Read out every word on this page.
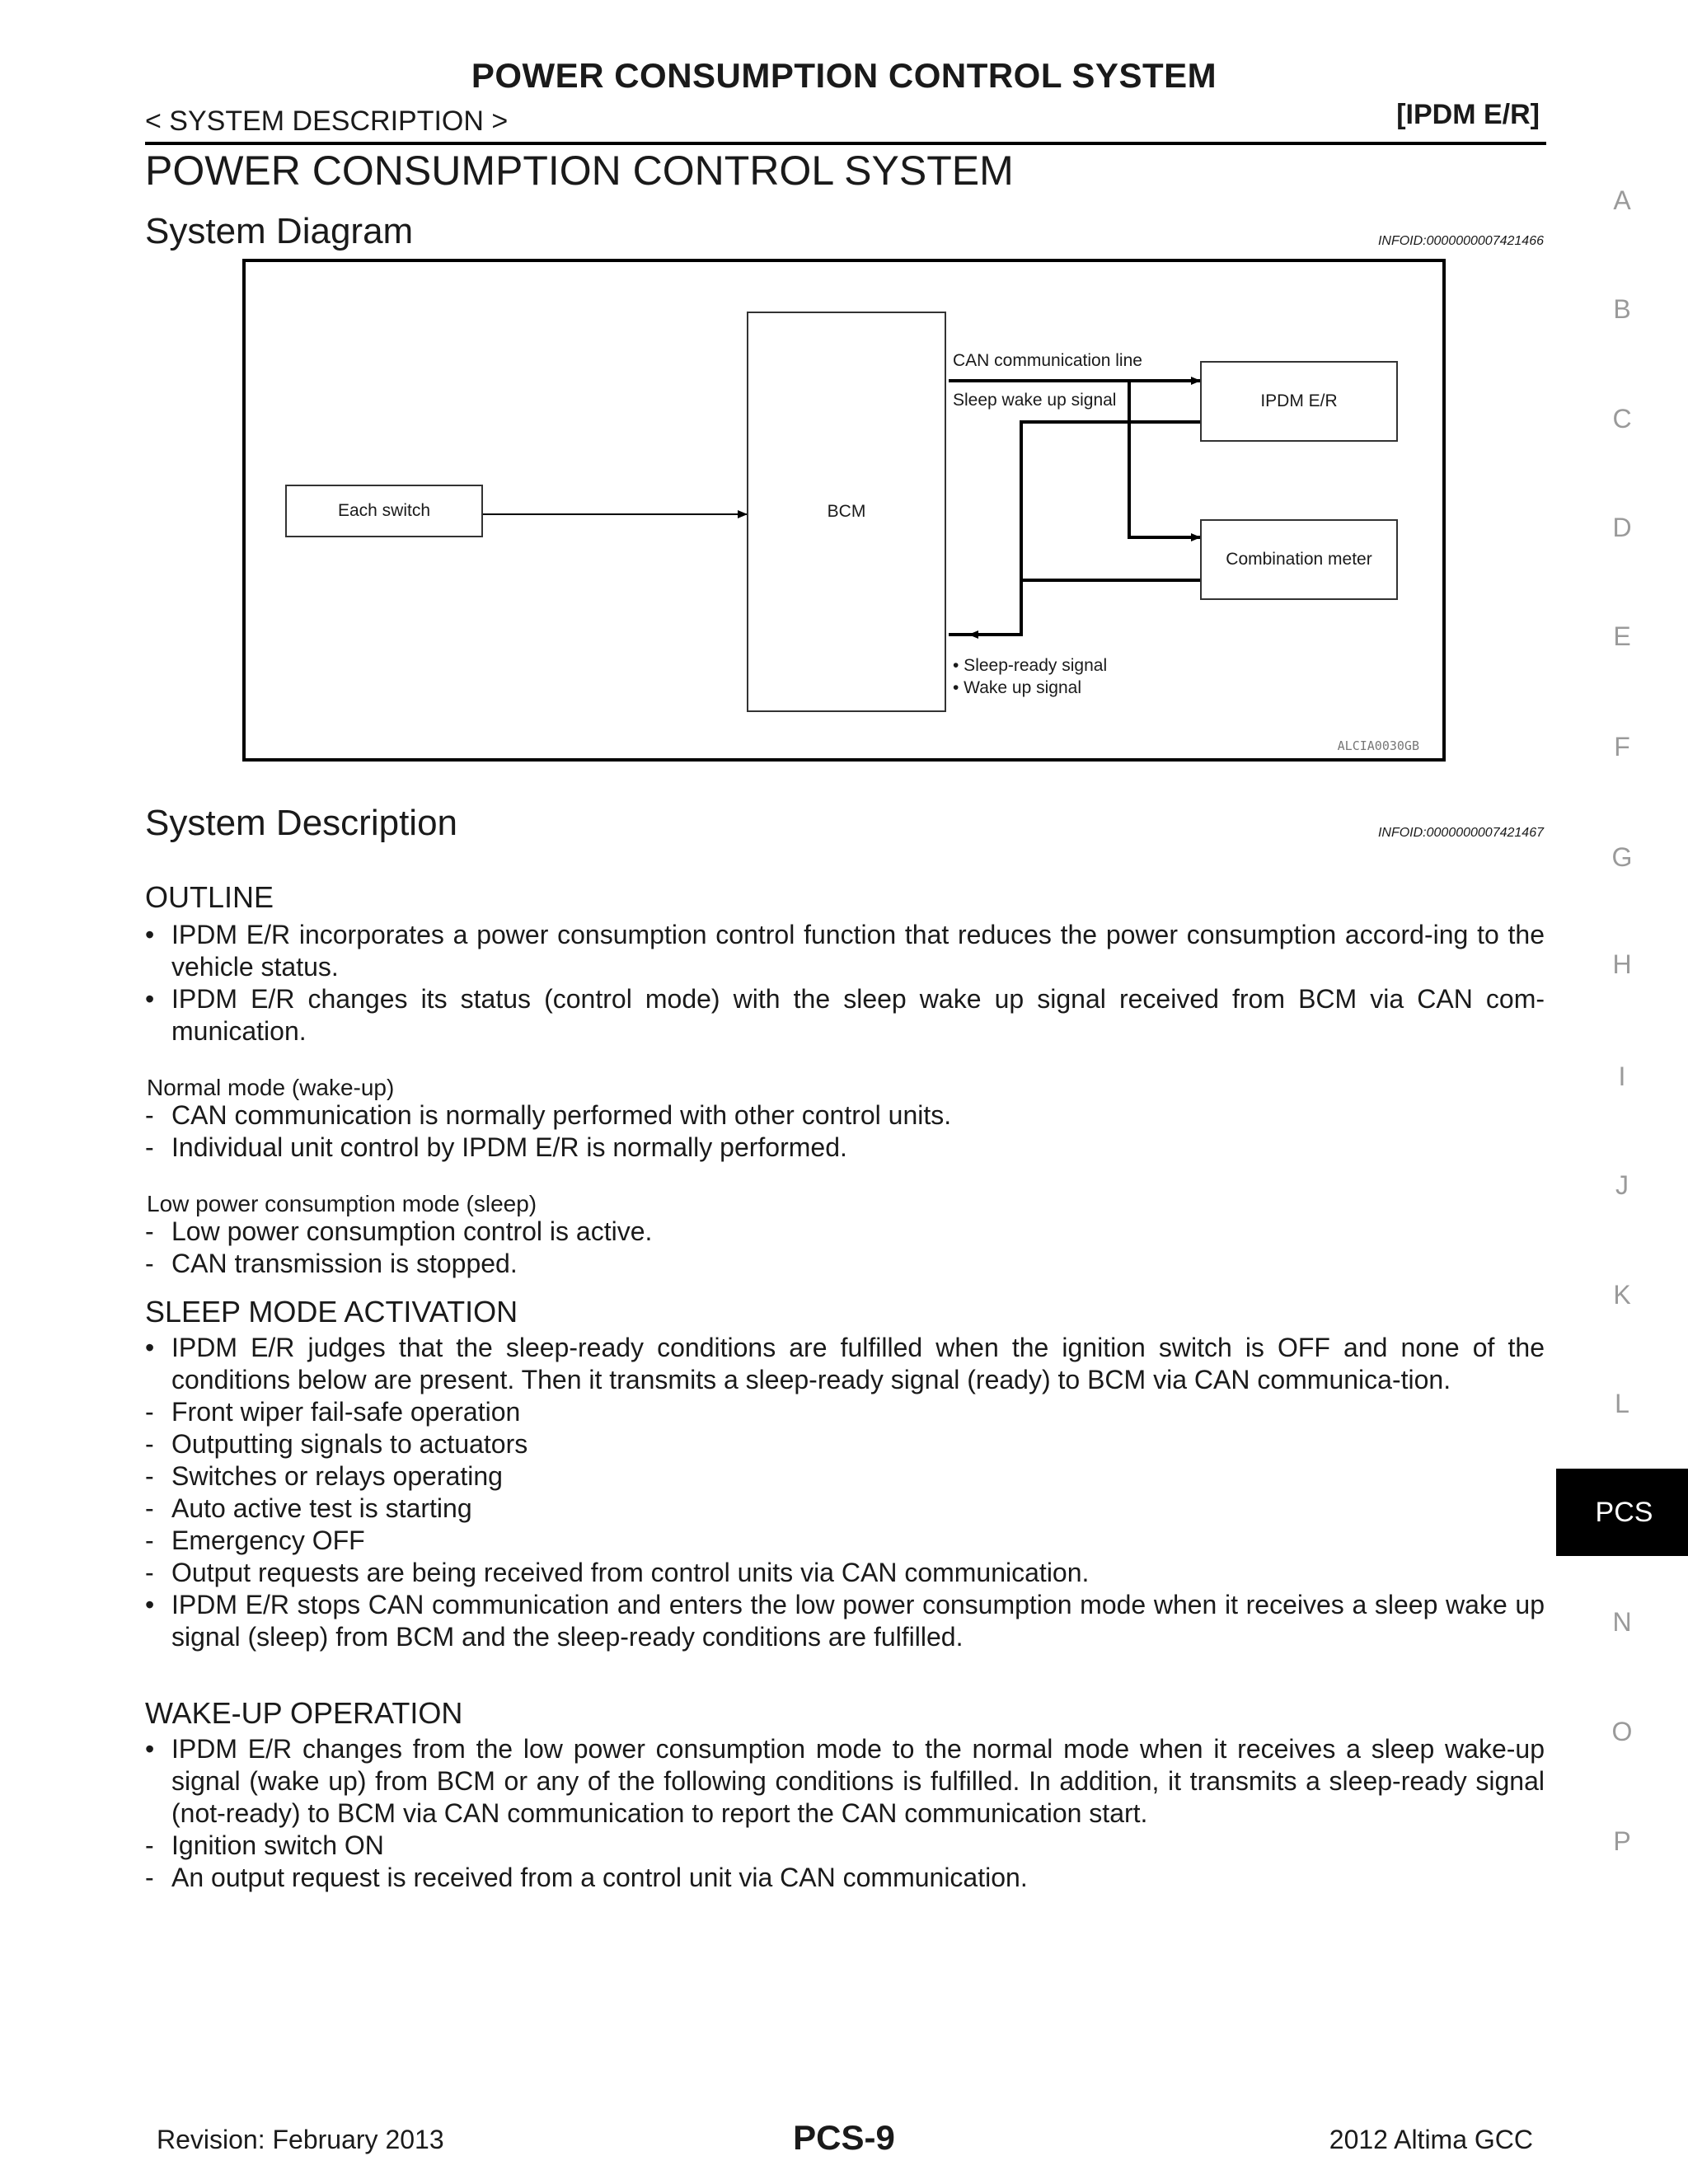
POWER CONSUMPTION CONTROL SYSTEM
< SYSTEM DESCRIPTION >	[IPDM E/R]
POWER CONSUMPTION CONTROL SYSTEM
System Diagram	INFOID:0000000007421466
Each switch	BCM
IPDM E/R
Combination meter
CAN communication line
Sleep wake up signal
• Sleep-ready signal
• Wake up signal
ALCIA0030GB
System Description	INFOID:0000000007421467
OUTLINE
• IPDM E/R incorporates a power consumption control function that reduces the power consumption accord-ing to the vehicle status.
• IPDM E/R changes its status (control mode) with the sleep wake up signal received from BCM via CAN com-munication.
Normal mode (wake-up)
- CAN communication is normally performed with other control units.
- Individual unit control by IPDM E/R is normally performed.
Low power consumption mode (sleep)
- Low power consumption control is active.
- CAN transmission is stopped.
SLEEP MODE ACTIVATION
• IPDM E/R judges that the sleep-ready conditions are fulfilled when the ignition switch is OFF and none of the conditions below are present. Then it transmits a sleep-ready signal (ready) to BCM via CAN communica-tion.
- Front wiper fail-safe operation
- Outputting signals to actuators
- Switches or relays operating
- Auto active test is starting
- Emergency OFF
- Output requests are being received from control units via CAN communication.
• IPDM E/R stops CAN communication and enters the low power consumption mode when it receives a sleep wake up signal (sleep) from BCM and the sleep-ready conditions are fulfilled.
WAKE-UP OPERATION
• IPDM E/R changes from the low power consumption mode to the normal mode when it receives a sleep wake-up signal (wake up) from BCM or any of the following conditions is fulfilled. In addition, it transmits a sleep-ready signal (not-ready) to BCM via CAN communication to report the CAN communication start.
- Ignition switch ON
- An output request is received from a control unit via CAN communication.
A
B
C
D
E
F
G
H
I
J
K
L
PCS
N
O
P
Revision: February 2013	PCS-9	2012 Altima GCC
